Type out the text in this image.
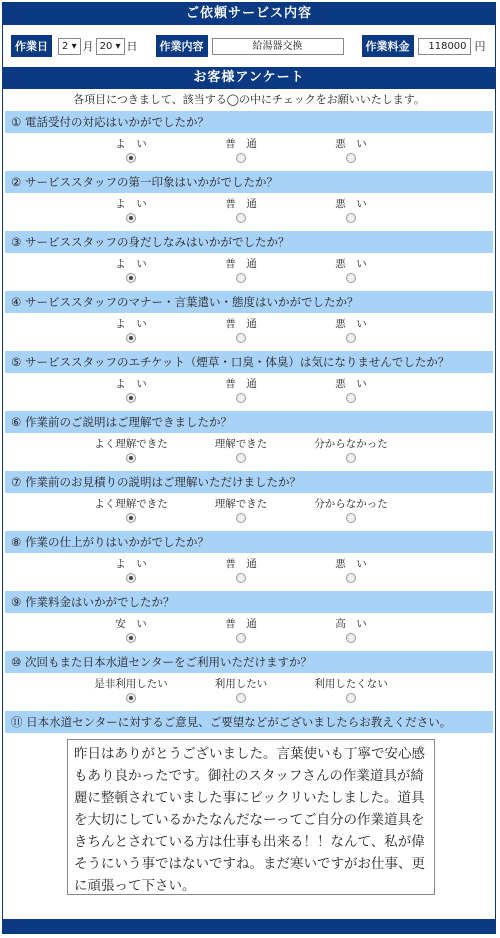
ご依頼サービス内容
作業日	2 ▾ 月 20 ▾ 日	作業内容	給湯器交換	作業料金	118000 円
お客様アンケート
各項目につきまして、該当する◯の中にチェックをお願いいたします。
① 電話受付の対応はいかがでしたか？
よ　い	普　通	悪　い
② サービススタッフの第一印象はいかがでしたか？
よ　い	普　通	悪　い
③ サービススタッフの身だしなみはいかがでしたか？
よ　い	普　通	悪　い
④ サービススタッフのマナー・言葉遣い・態度はいかがでしたか？
よ　い	普　通	悪　い
⑤ サービススタッフのエチケット（煙草・口臭・体臭）は気になりませんでしたか？
よ　い	普　通	悪　い
⑥ 作業前のご説明はご理解できましたか？
よく理解できた	理解できた	分からなかった
⑦ 作業前のお見積りの説明はご理解いただけましたか？
よく理解できた	理解できた	分からなかった
⑧ 作業の仕上がりはいかがでしたか？
よ　い	普　通	悪　い
⑨ 作業料金はいかがでしたか？
安　い	普　通	高　い
⑩ 次回もまた日本水道センターをご利用いただけますか？
是非利用したい	利用したい	利用したくない
⑪ 日本水道センターに対するご意見、ご要望などがございましたらお教えください。
昨日はありがとうございました。言葉使いも丁寧で安心感もあり良かったです。御社のスタッフさんの作業道具が綺麗に整頓されていました事にビックリいたしました。道具を大切にしているかたなんだなーってご自分の作業道具をきちんとされている方は仕事も出来る！！なんて、私が偉そうにいう事ではないですね。まだ寒いですがお仕事、更に頑張って下さい。
